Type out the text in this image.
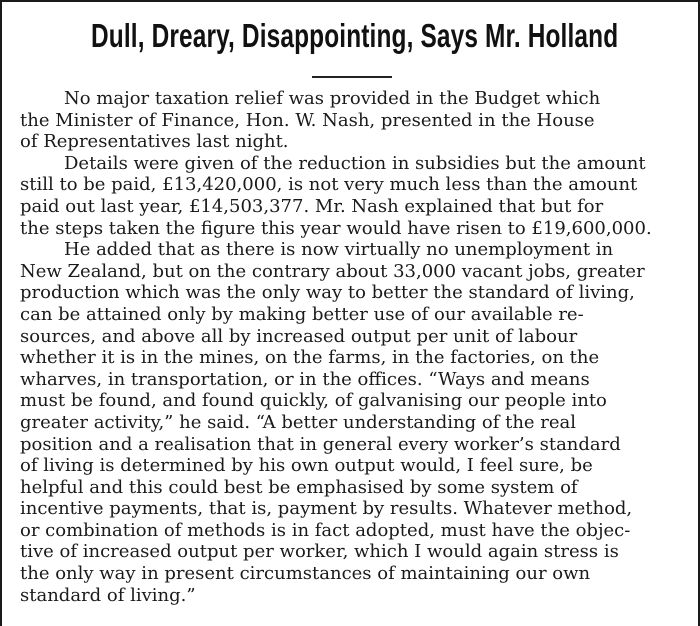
Dull, Dreary, Disappointing, Says Mr. Holland
No major taxation relief was provided in the Budget which
the Minister of Finance, Hon. W. Nash, presented in the House
of Representatives last night.
Details were given of the reduction in subsidies but the amount
still to be paid, £13,420,000, is not very much less than the amount
paid out last year, £14,503,377. Mr. Nash explained that but for
the steps taken the figure this year would have risen to £19,600,000.
He added that as there is now virtually no unemployment in
New Zealand, but on the contrary about 33,000 vacant jobs, greater
production which was the only way to better the standard of living,
can be attained only by making better use of our available re-
sources, and above all by increased output per unit of labour
whether it is in the mines, on the farms, in the factories, on the
wharves, in transportation, or in the offices. “Ways and means
must be found, and found quickly, of galvanising our people into
greater activity,” he said. “A better understanding of the real
position and a realisation that in general every worker’s standard
of living is determined by his own output would, I feel sure, be
helpful and this could best be emphasised by some system of
incentive payments, that is, payment by results. Whatever method,
or combination of methods is in fact adopted, must have the objec-
tive of increased output per worker, which I would again stress is
the only way in present circumstances of maintaining our own
standard of living.”
